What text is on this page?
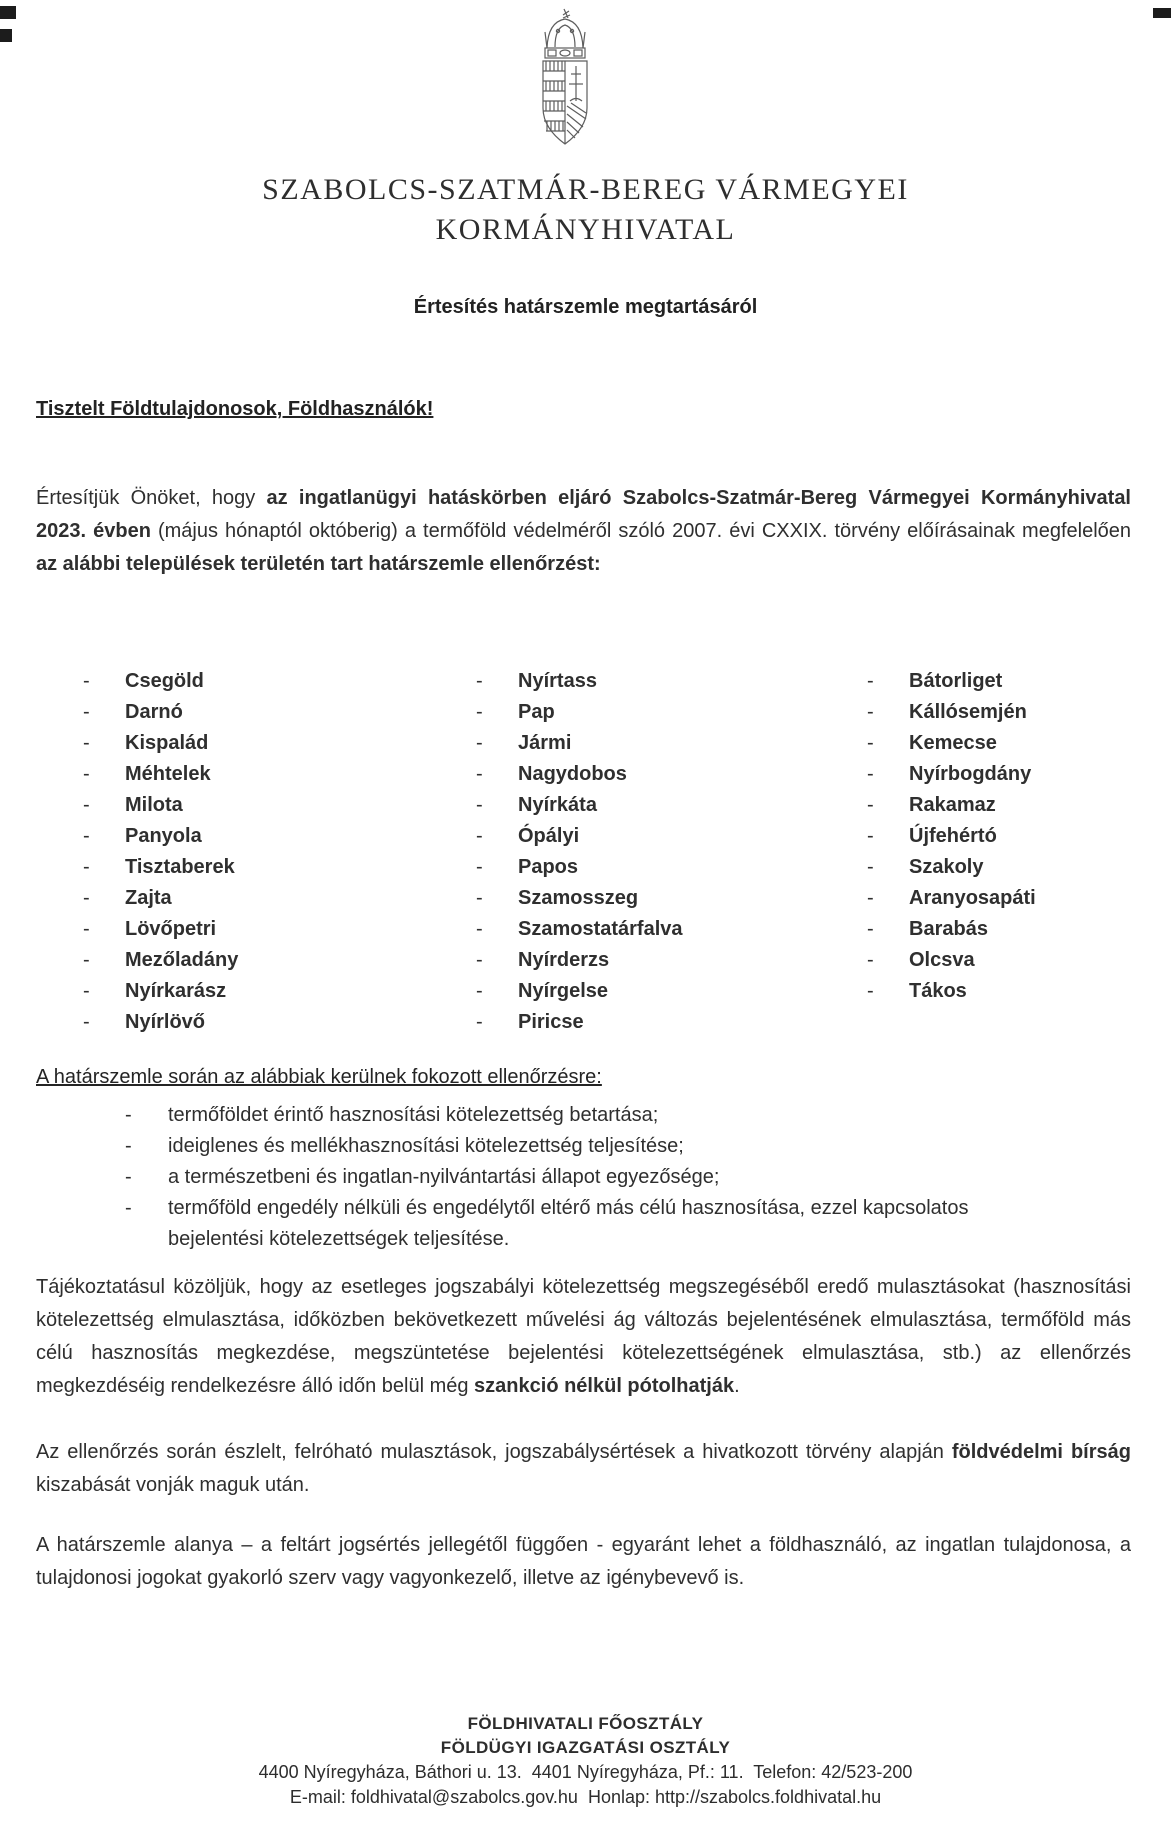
SZABOLCS-SZATMÁR-BEREG VÁRMEGYEI
KORMÁNYHIVATAL
Értesítés határszemle megtartásáról
Tisztelt Földtulajdonosok, Földhasználók!
Értesítjük Önöket, hogy az ingatlanügyi hatáskörben eljáró Szabolcs-Szatmár-Bereg Vármegyei Kormányhivatal 2023. évben (május hónaptól októberig) a termőföld védelméről szóló 2007. évi CXXIX. törvény előírásainak megfelelően az alábbi települések területén tart határszemle ellenőrzést:
-	Csegöld
-	Darnó
-	Kispalád
-	Méhtelek
-	Milota
-	Panyola
-	Tisztaberek
-	Zajta
-	Lövőpetri
-	Mezőladány
-	Nyírkarász
-	Nyírlövő
-	Nyírtass
-	Pap
-	Jármi
-	Nagydobos
-	Nyírkáta
-	Ópályi
-	Papos
-	Szamosszeg
-	Szamostatárfalva
-	Nyírderzs
-	Nyírgelse
-	Piricse
-	Bátorliget
-	Kállósemjén
-	Kemecse
-	Nyírbogdány
-	Rakamaz
-	Újfehértó
-	Szakoly
-	Aranyosapáti
-	Barabás
-	Olcsva
-	Tákos
A határszemle során az alábbiak kerülnek fokozott ellenőrzésre:
-	termőföldet érintő hasznosítási kötelezettség betartása;
-	ideiglenes és mellékhasznosítási kötelezettség teljesítése;
-	a természetbeni és ingatlan-nyilvántartási állapot egyezősége;
-	termőföld engedély nélküli és engedélytől eltérő más célú hasznosítása, ezzel kapcsolatos bejelentési kötelezettségek teljesítése.
Tájékoztatásul közöljük, hogy az esetleges jogszabályi kötelezettség megszegéséből eredő mulasztásokat (hasznosítási kötelezettség elmulasztása, időközben bekövetkezett művelési ág változás bejelentésének elmulasztása, termőföld más célú hasznosítás megkezdése, megszüntetése bejelentési kötelezettségének elmulasztása, stb.) az ellenőrzés megkezdéséig rendelkezésre álló időn belül még szankció nélkül pótolhatják.
Az ellenőrzés során észlelt, felróható mulasztások, jogszabálysértések a hivatkozott törvény alapján földvédelmi bírság kiszabását vonják maguk után.
A határszemle alanya – a feltárt jogsértés jellegétől függően - egyaránt lehet a földhasználó, az ingatlan tulajdonosa, a tulajdonosi jogokat gyakorló szerv vagy vagyonkezelő, illetve az igénybevevő is.
FÖLDHIVATALI FŐOSZTÁLY
FÖLDÜGYI IGAZGATÁSI OSZTÁLY
4400 Nyíregyháza, Báthori u. 13.  4401 Nyíregyháza, Pf.: 11.  Telefon: 42/523-200
E-mail: foldhivatal@szabolcs.gov.hu  Honlap: http://szabolcs.foldhivatal.hu
